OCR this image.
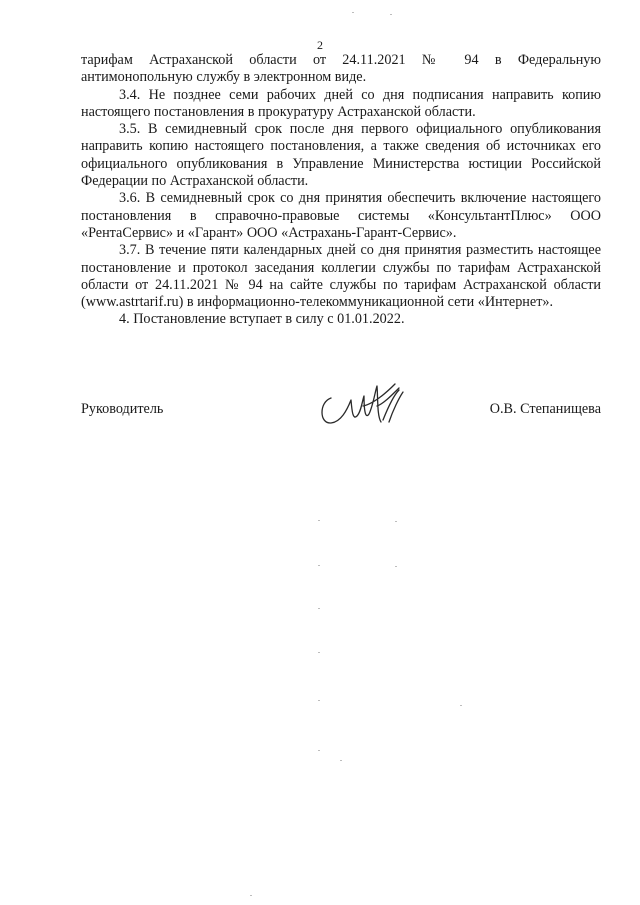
2

тарифам Астраханской области от 24.11.2021 № 94 в Федеральную антимонопольную службу в электронном виде.

3.4. Не позднее семи рабочих дней со дня подписания направить копию настоящего постановления в прокуратуру Астраханской области.

3.5. В семидневный срок после дня первого официального опубликования направить копию настоящего постановления, а также сведения об источниках его официального опубликования в Управление Министерства юстиции Российской Федерации по Астраханской области.

3.6. В семидневный срок со дня принятия обеспечить включение настоящего постановления в справочно-правовые системы «КонсультантПлюс» ООО «РентаСервис» и «Гарант» ООО «Астрахань-Гарант-Сервис».

3.7. В течение пяти календарных дней со дня принятия разместить настоящее постановление и протокол заседания коллегии службы по тарифам Астраханской области от 24.11.2021 № 94 на сайте службы по тарифам Астраханской области (www.astrtarif.ru) в информационно-телекоммуникационной сети «Интернет».

4. Постановление вступает в силу с 01.01.2022.

Руководитель	О.В. Степанищева
